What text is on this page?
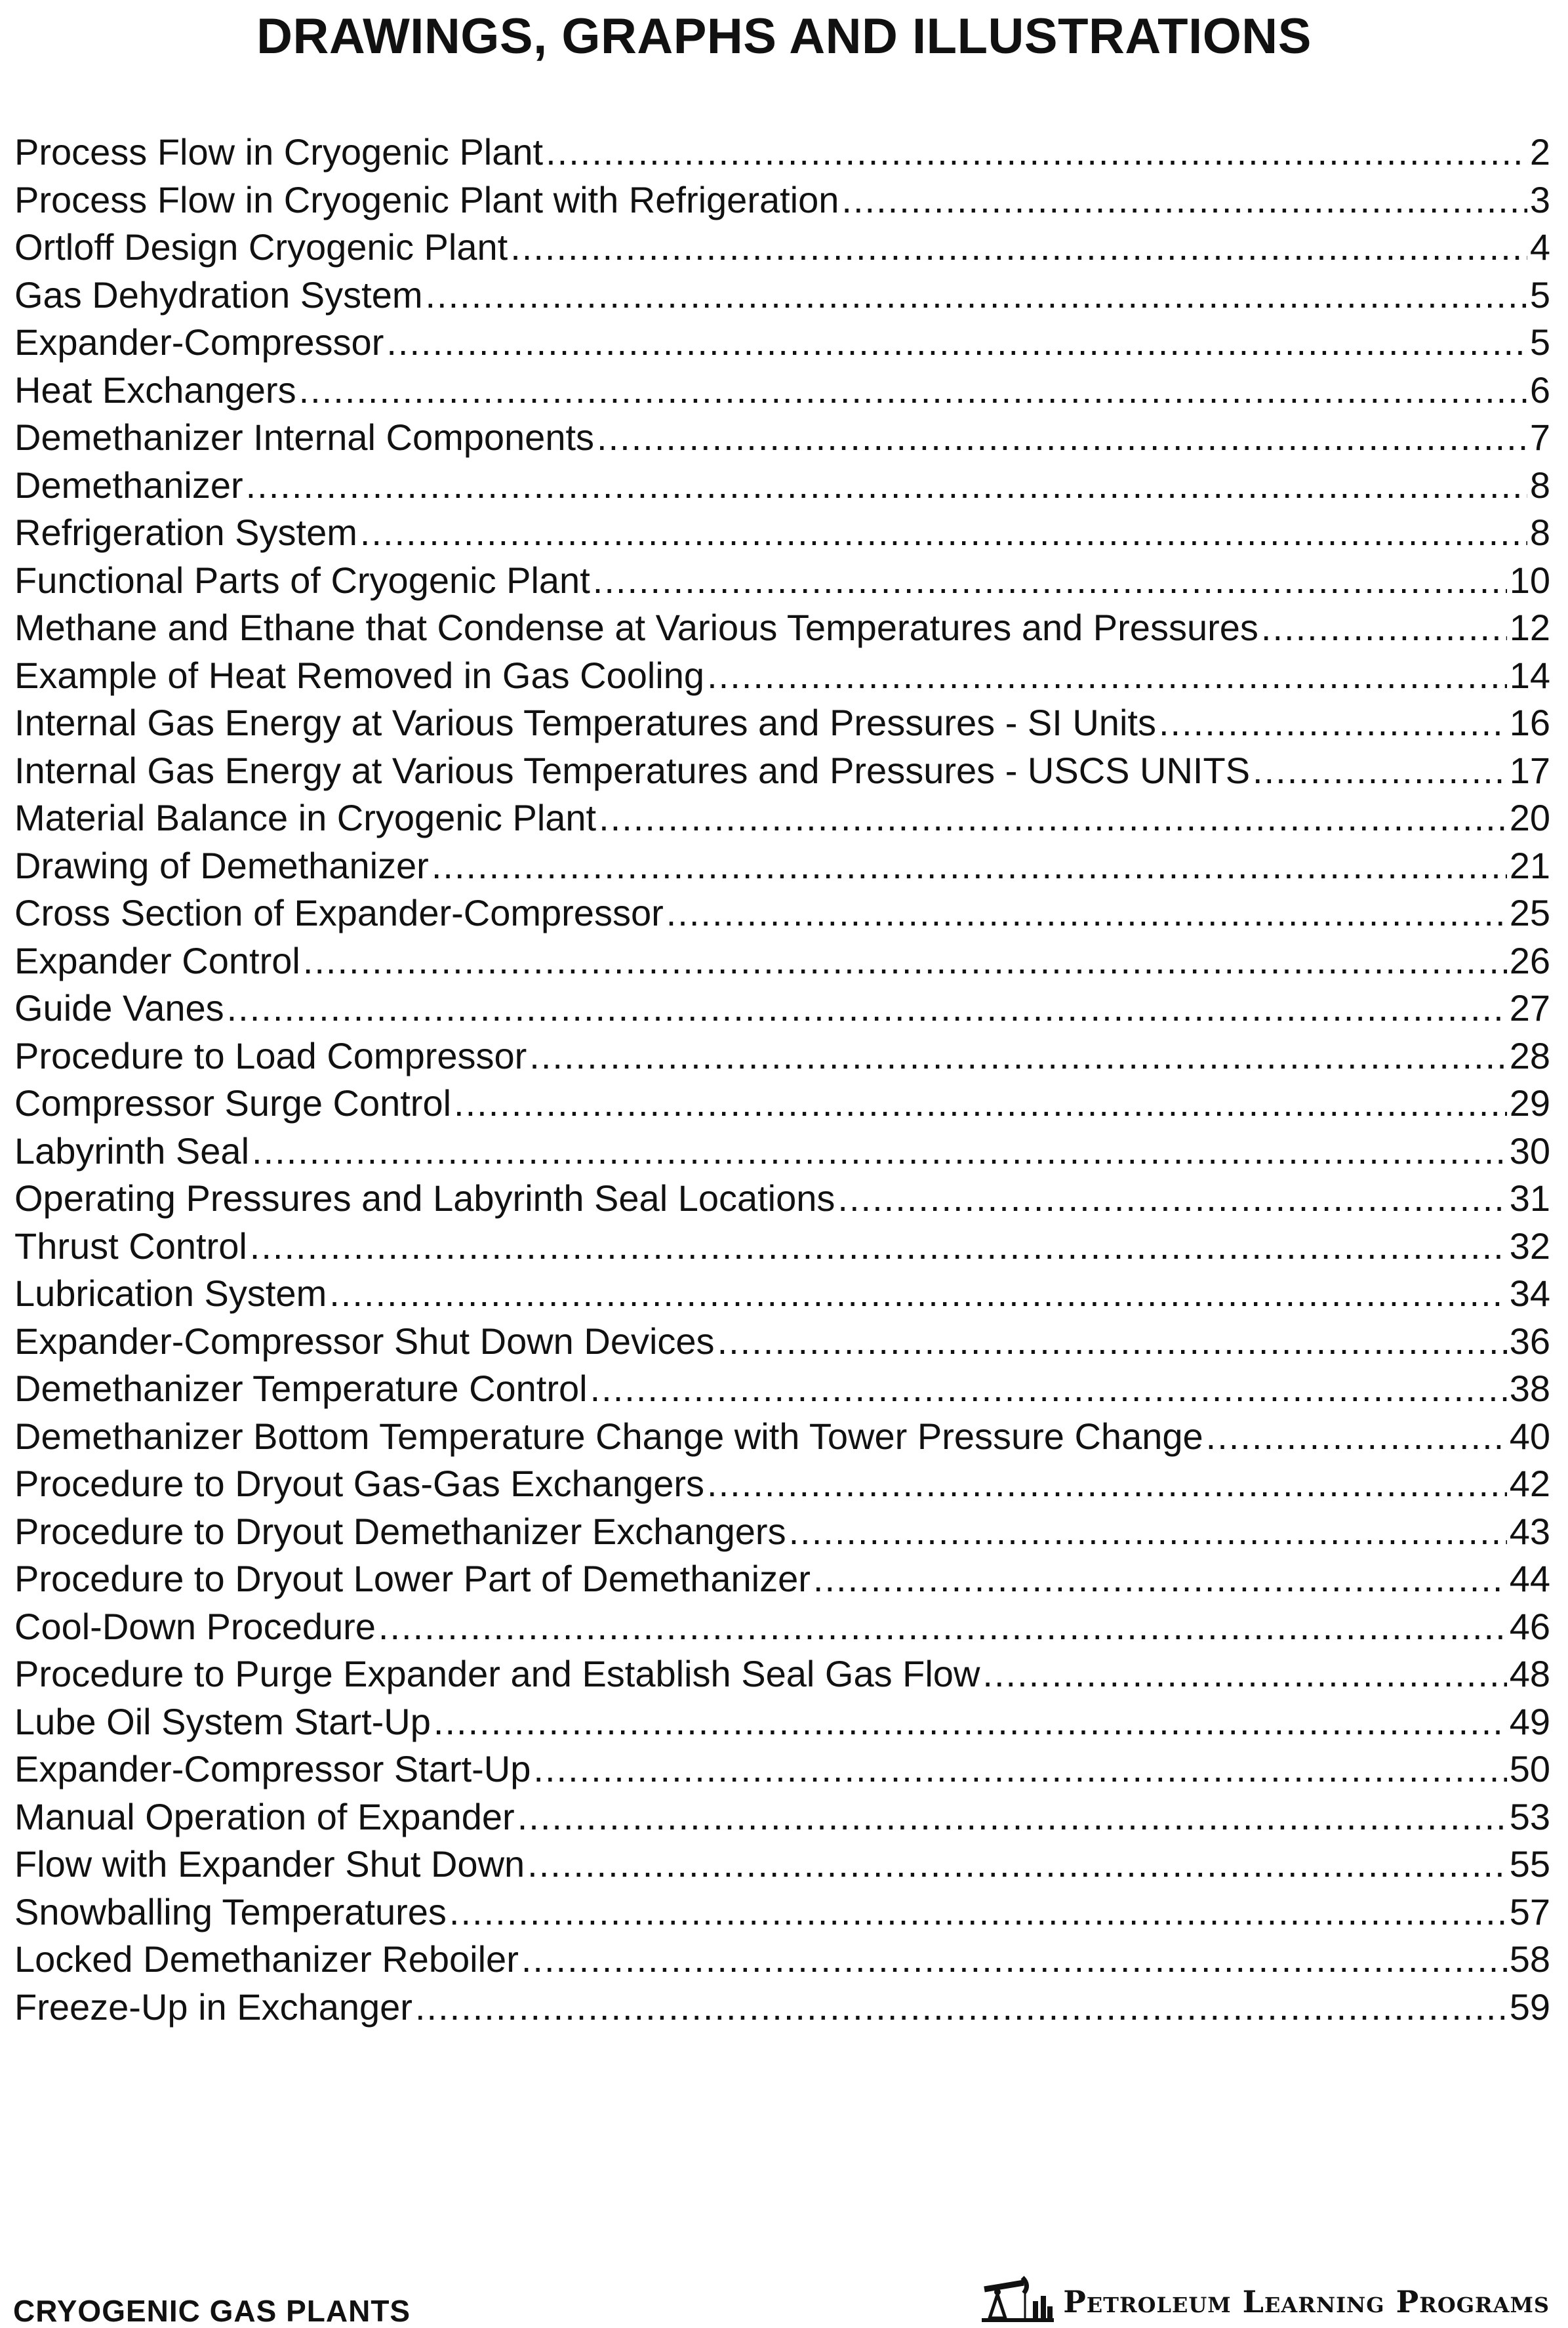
DRAWINGS, GRAPHS AND ILLUSTRATIONS
Process Flow in Cryogenic Plant .....	2
Process Flow in Cryogenic Plant with Refrigeration .....	3
Ortloff Design Cryogenic Plant .....	4
Gas Dehydration System .....	5
Expander-Compressor .....	5
Heat Exchangers .....	6
Demethanizer Internal Components .....	7
Demethanizer .....	8
Refrigeration System .....	8
Functional Parts of Cryogenic Plant .....	10
Methane and Ethane that Condense at Various Temperatures and Pressures .....	12
Example of Heat Removed in Gas Cooling .....	14
Internal Gas Energy at Various Temperatures and Pressures - SI Units .....	16
Internal Gas Energy at Various Temperatures and Pressures - USCS UNITS .....	17
Material Balance in Cryogenic Plant .....	20
Drawing of Demethanizer .....	21
Cross Section of Expander-Compressor .....	25
Expander Control .....	26
Guide Vanes .....	27
Procedure to Load Compressor .....	28
Compressor Surge Control .....	29
Labyrinth Seal .....	30
Operating Pressures and Labyrinth Seal Locations .....	31
Thrust Control .....	32
Lubrication System .....	34
Expander-Compressor Shut Down Devices .....	36
Demethanizer Temperature Control .....	38
Demethanizer Bottom Temperature Change with Tower Pressure Change .....	40
Procedure to Dryout Gas-Gas Exchangers .....	42
Procedure to Dryout Demethanizer Exchangers .....	43
Procedure to Dryout Lower Part of Demethanizer .....	44
Cool-Down Procedure .....	46
Procedure to Purge Expander and Establish Seal Gas Flow .....	48
Lube Oil System Start-Up .....	49
Expander-Compressor Start-Up .....	50
Manual Operation of Expander .....	53
Flow with Expander Shut Down .....	55
Snowballing Temperatures .....	57
Locked Demethanizer Reboiler .....	58
Freeze-Up in Exchanger .....	59
CRYOGENIC GAS PLANTS	Petroleum Learning Programs
